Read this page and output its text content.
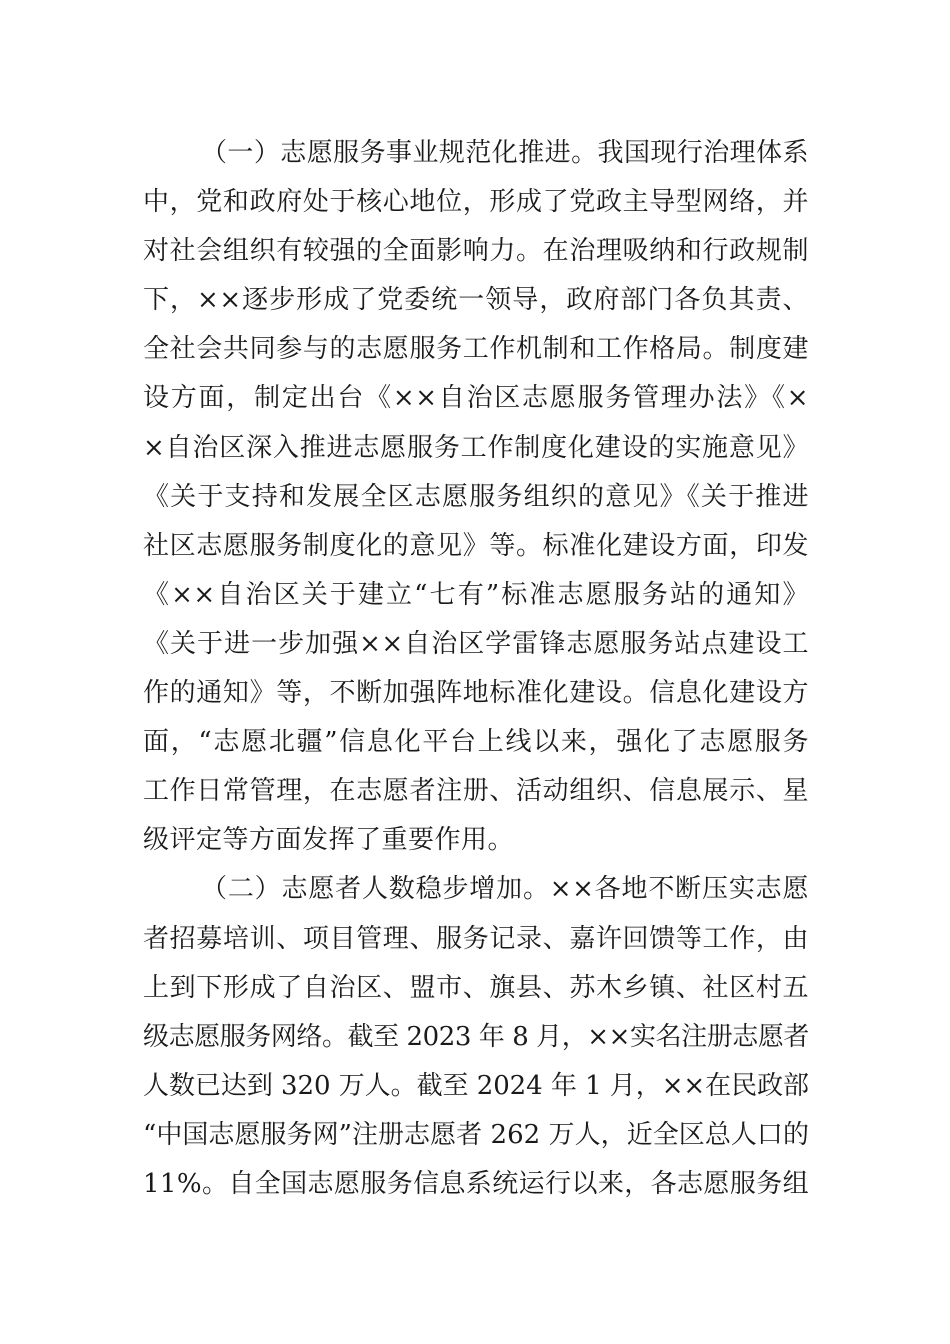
（一）志愿服务事业规范化推进。我国现行治理体系
中，党和政府处于核心地位，形成了党政主导型网络，并
对社会组织有较强的全面影响力。在治理吸纳和行政规制
下，××逐步形成了党委统一领导，政府部门各负其责、
全社会共同参与的志愿服务工作机制和工作格局。制度建
设方面，制定出台《××自治区志愿服务管理办法》《×
×自治区深入推进志愿服务工作制度化建设的实施意见》
《关于支持和发展全区志愿服务组织的意见》《关于推进
社区志愿服务制度化的意见》等。标准化建设方面，印发
《××自治区关于建立“七有”标准志愿服务站的通知》
《关于进一步加强××自治区学雷锋志愿服务站点建设工
作的通知》等，不断加强阵地标准化建设。信息化建设方
面，“志愿北疆”信息化平台上线以来，强化了志愿服务
工作日常管理，在志愿者注册、活动组织、信息展示、星
级评定等方面发挥了重要作用。
（二）志愿者人数稳步增加。××各地不断压实志愿
者招募培训、项目管理、服务记录、嘉许回馈等工作，由
上到下形成了自治区、盟市、旗县、苏木乡镇、社区村五
级志愿服务网络。截至 2023 年 8 月，××实名注册志愿者
人数已达到 320 万人。截至 2024 年 1 月，××在民政部
“中国志愿服务网”注册志愿者 262 万人，近全区总人口的
11%。自全国志愿服务信息系统运行以来，各志愿服务组
